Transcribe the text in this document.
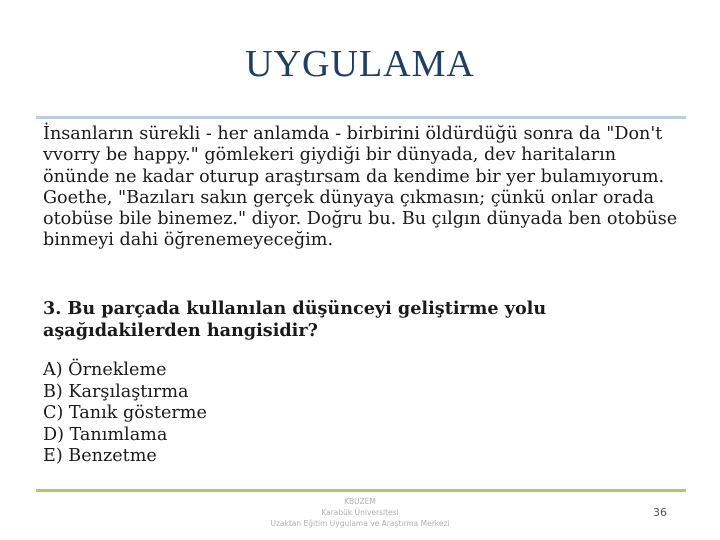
UYGULAMA

İnsanların sürekli - her anlamda - birbirini öldürdüğü sonra da "Don't vvorry be happy." gömlekeri giydiği bir dünyada, dev haritaların önünde ne kadar oturup araştırsam da kendime bir yer bulamıyorum. Goethe, "Bazıları sakın gerçek dünyaya çıkmasın; çünkü onlar orada otobüse bile binemez." diyor. Doğru bu. Bu çılgın dünyada ben otobüse binmeyi dahi öğrenemeyeceğim.

3. Bu parçada kullanılan düşünceyi geliştirme yolu aşağıdakilerden hangisidir?

A) Örnekleme
B) Karşılaştırma
C) Tanık gösterme
D) Tanımlama
E) Benzetme
KBUZEM
Karabük Üniversitesi
Uzaktan Eğitim Uygulama ve Araştırma Merkezi
36
